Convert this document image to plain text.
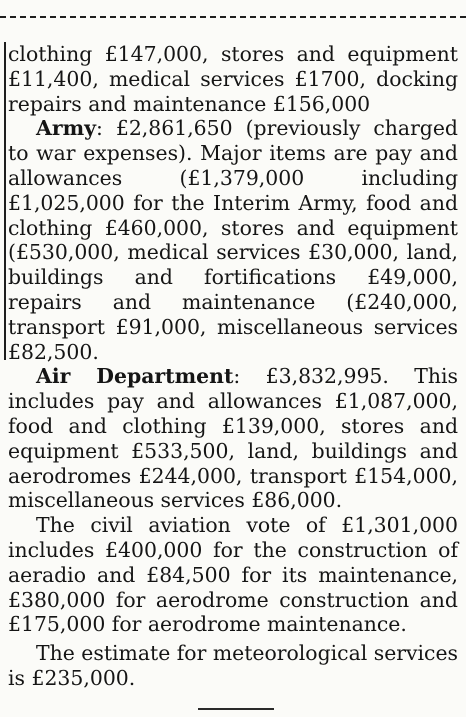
clothing £147,000, stores and equipment £11,400, medical services £1700, docking repairs and maintenance £156,000

Army: £2,861,650 (previously charged to war expenses). Major items are pay and allowances (£1,379,000 including £1,025,000 for the Interim Army, food and clothing £460,000, stores and equipment (£530,000, medical services £30,000, land, buildings and fortifications £49,000, repairs and maintenance (£240,000, transport £91,000, miscellaneous services £82,500.

Air Department: £3,832,995. This includes pay and allowances £1,087,000, food and clothing £139,000, stores and equipment £533,500, land, buildings and aerodromes £244,000, transport £154,000, miscellaneous services £86,000.

The civil aviation vote of £1,301,000 includes £400,000 for the construction of aeradio and £84,500 for its maintenance, £380,000 for aerodrome construction and £175,000 for aerodrome maintenance.

The estimate for meteorological services is £235,000.
